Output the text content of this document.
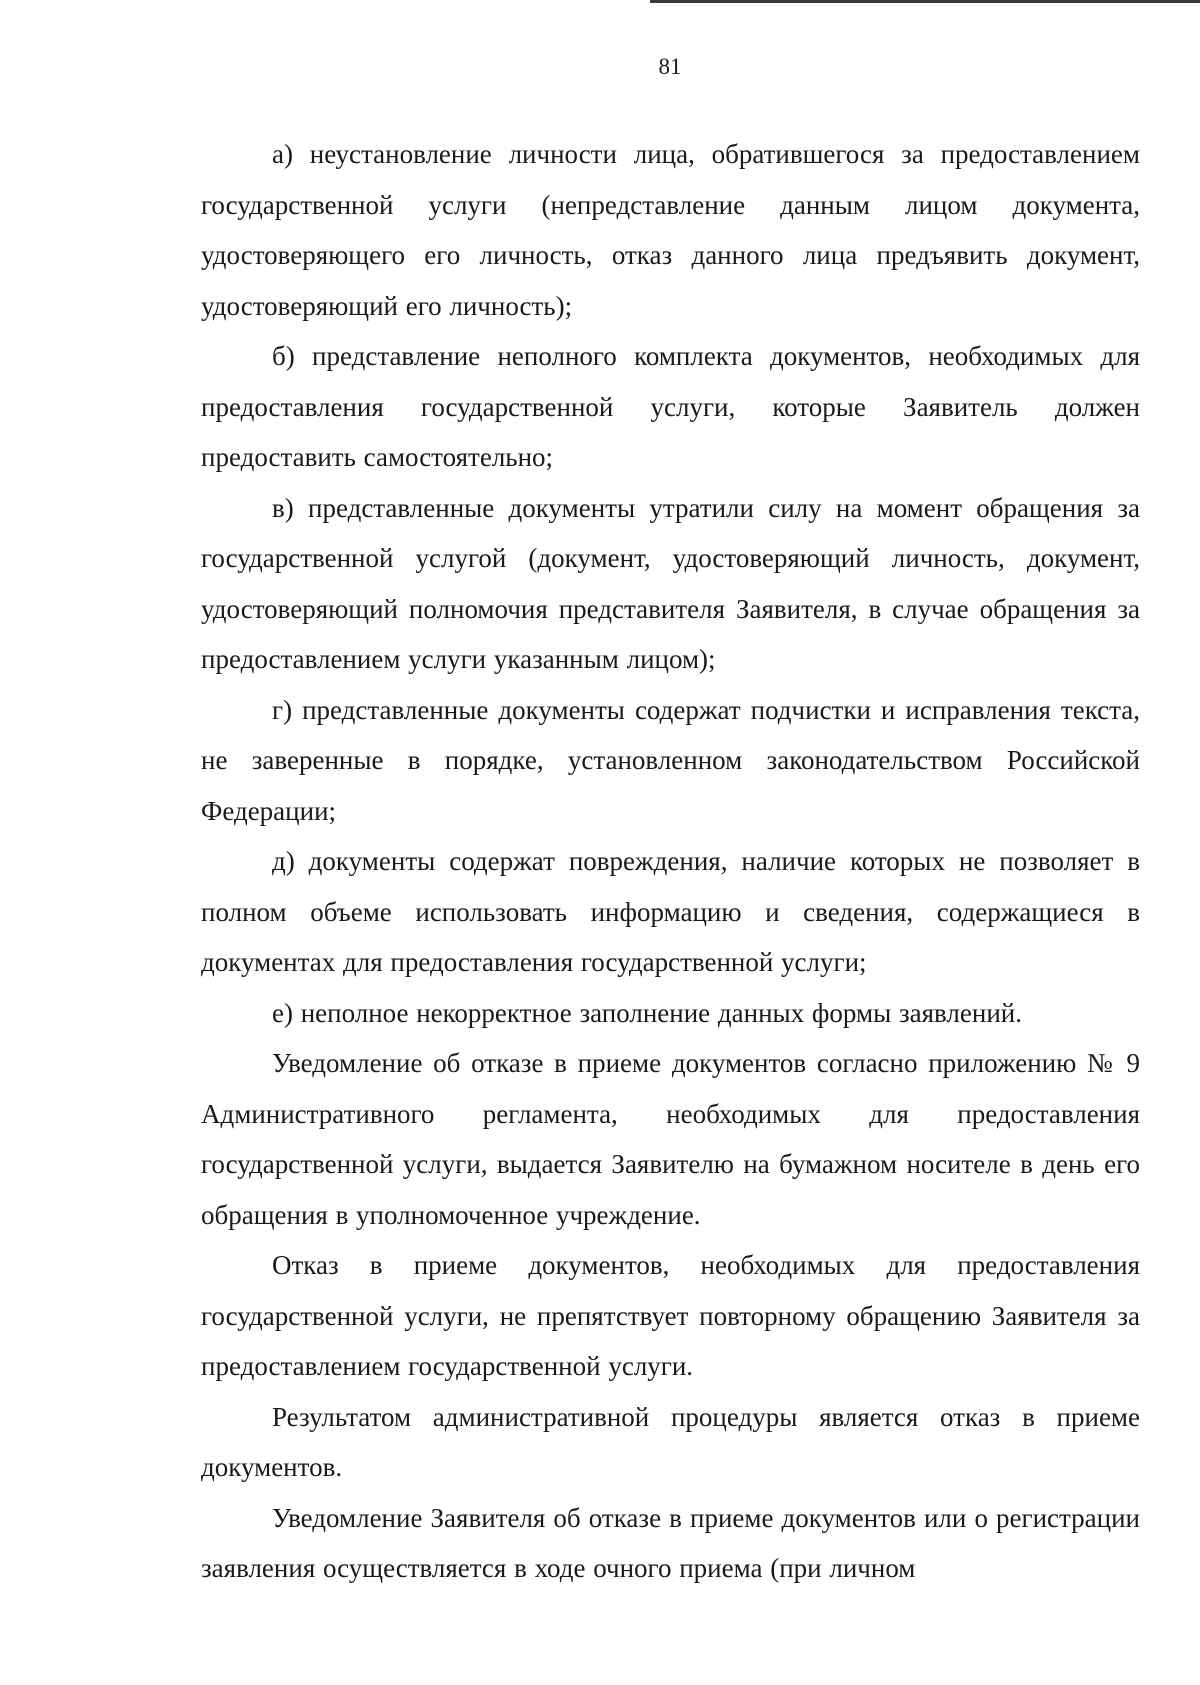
81

а) неустановление личности лица, обратившегося за предоставлением государственной услуги (непредставление данным лицом документа, удостоверяющего его личность, отказ данного лица предъявить документ, удостоверяющий его личность);

б) представление неполного комплекта документов, необходимых для предоставления государственной услуги, которые Заявитель должен предоставить самостоятельно;

в) представленные документы утратили силу на момент обращения за государственной услугой (документ, удостоверяющий личность, документ, удостоверяющий полномочия представителя Заявителя, в случае обращения за предоставлением услуги указанным лицом);

г) представленные документы содержат подчистки и исправления текста, не заверенные в порядке, установленном законодательством Российской Федерации;

д) документы содержат повреждения, наличие которых не позволяет в полном объеме использовать информацию и сведения, содержащиеся в документах для предоставления государственной услуги;

е) неполное некорректное заполнение данных формы заявлений.

Уведомление об отказе в приеме документов согласно приложению № 9 Административного регламента, необходимых для предоставления государственной услуги, выдается Заявителю на бумажном носителе в день его обращения в уполномоченное учреждение.

Отказ в приеме документов, необходимых для предоставления государственной услуги, не препятствует повторному обращению Заявителя за предоставлением государственной услуги.

Результатом административной процедуры является отказ в приеме документов.

Уведомление Заявителя об отказе в приеме документов или о регистрации заявления осуществляется в ходе очного приема (при личном
